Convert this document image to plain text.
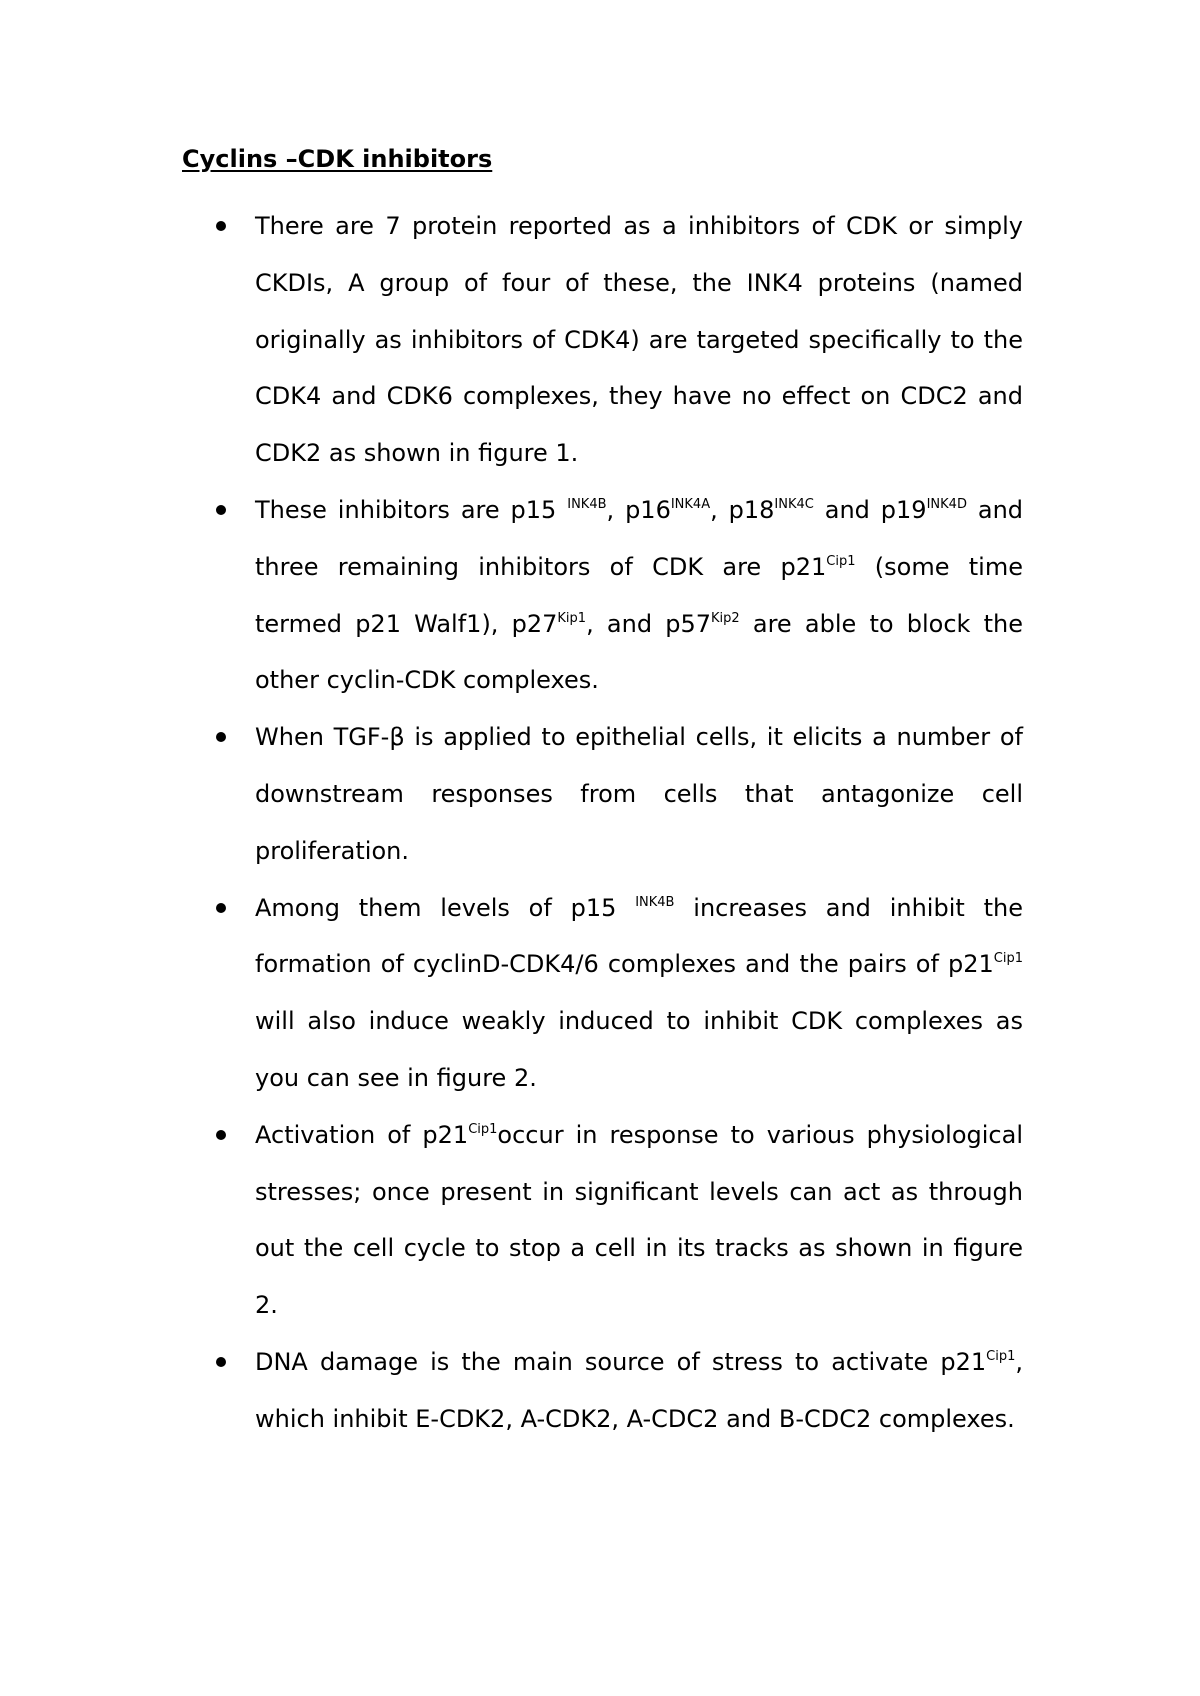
Cyclins –CDK inhibitors
There are 7 protein reported as a inhibitors of CDK or simply CKDIs, A group of four of these, the INK4 proteins (named originally as inhibitors of CDK4) are targeted specifically to the CDK4 and CDK6 complexes, they have no effect on CDC2 and CDK2 as shown in figure 1.
These inhibitors are p15 $^{INK4B}$, $p16^{INK4A}$, $p18^{INK4C}$ and $p19^{INK4D}$ and three remaining inhibitors of CDK are $p21^{Cip1}$ (some time termed p21 Walf1), $p27^{Kip1}$, and $p57^{Kip2}$ are able to block the other cyclin-CDK complexes.
When TGF-β is applied to epithelial cells, it elicits a number of downstream responses from cells that antagonize cell proliferation.
Among them levels of p15 $^{INK4B}$ increases and inhibit the formation of cyclinD-CDK4/6 complexes and the pairs of $p21^{Cip1}$ will also induce weakly induced to inhibit CDK complexes as you can see in figure 2.
Activation of $p21^{Cip1}occur$ in response to various physiological stresses; once present in significant levels can act as through out the cell cycle to stop a cell in its tracks as shown in figure 2.
DNA damage is the main source of stress to activate $p21^{Cip1}$, which inhibit E-CDK2, A-CDK2, A-CDC2 and B-CDC2 complexes.
